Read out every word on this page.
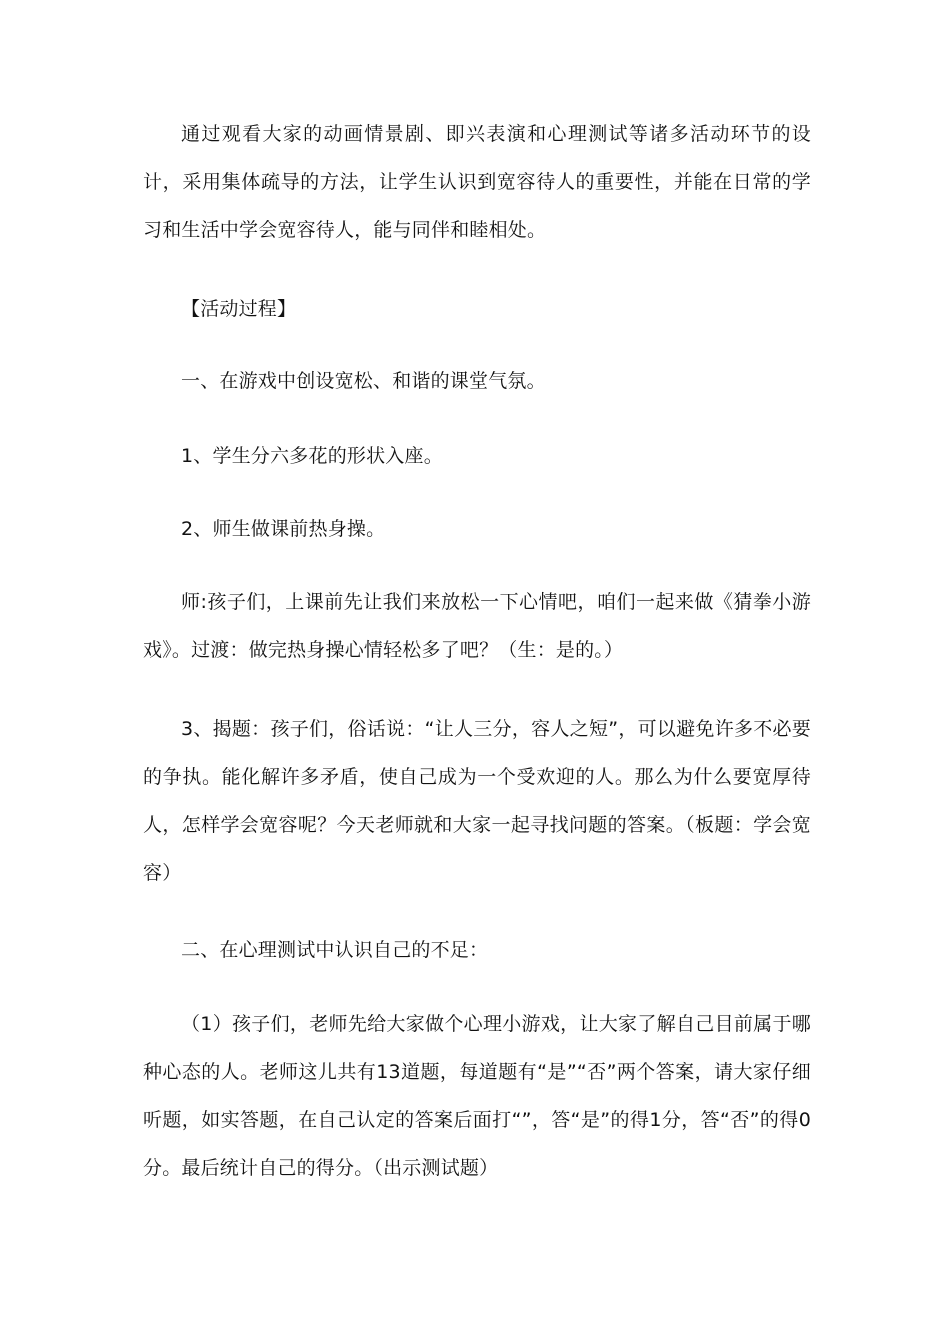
通过观看大家的动画情景剧、即兴表演和心理测试等诸多活动环节的设计，采用集体疏导的方法，让学生认识到宽容待人的重要性，并能在日常的学习和生活中学会宽容待人，能与同伴和睦相处。

【活动过程】

一、在游戏中创设宽松、和谐的课堂气氛。

1、学生分六多花的形状入座。

2、师生做课前热身操。

师:孩子们，上课前先让我们来放松一下心情吧，咱们一起来做《猜拳小游戏》。过渡：做完热身操心情轻松多了吧？（生：是的。）

3、揭题：孩子们，俗话说：“让人三分，容人之短”，可以避免许多不必要的争执。能化解许多矛盾，使自己成为一个受欢迎的人。那么为什么要宽厚待人，怎样学会宽容呢？今天老师就和大家一起寻找问题的答案。（板题：学会宽容）

二、在心理测试中认识自己的不足：

（1）孩子们，老师先给大家做个心理小游戏，让大家了解自己目前属于哪种心态的人。老师这儿共有13道题，每道题有“是”“否”两个答案，请大家仔细听题，如实答题，在自己认定的答案后面打“”，答“是”的得1分，答“否”的得0分。最后统计自己的得分。（出示测试题）
